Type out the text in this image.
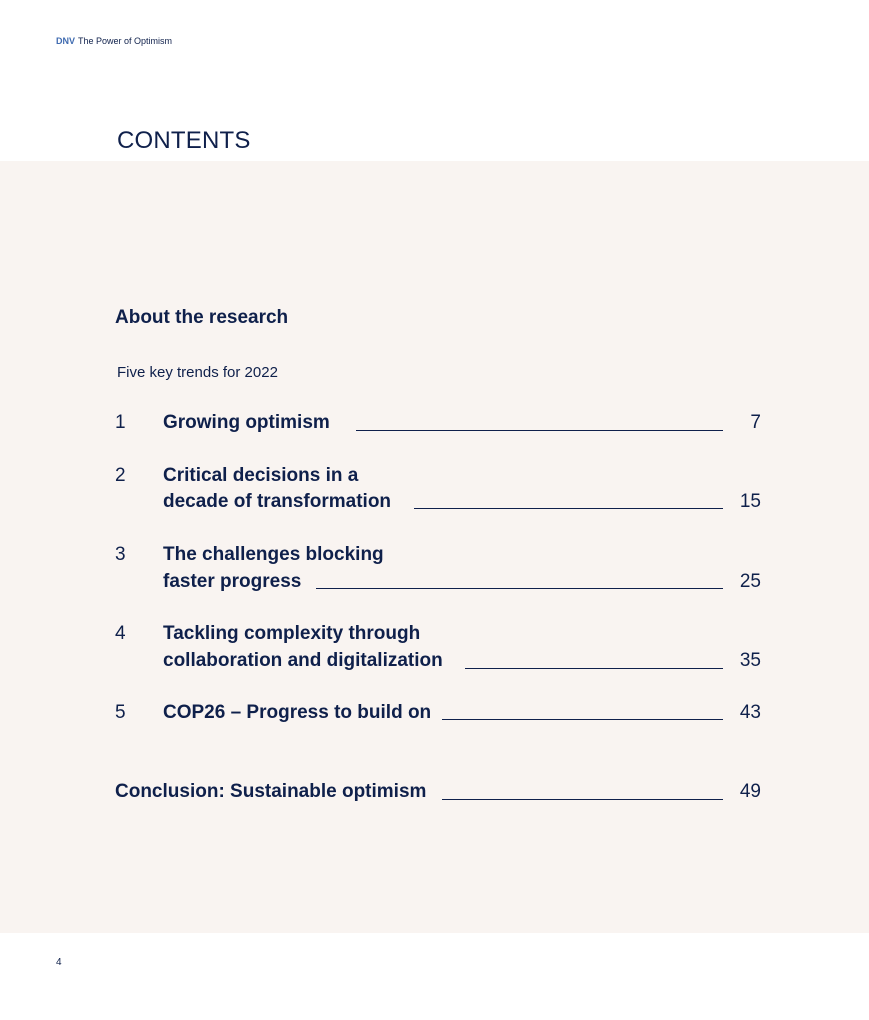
DNV The Power of Optimism
CONTENTS
About the research
Five key trends for 2022
1 Growing optimism	7
2 Critical decisions in a
decade of transformation	15
3 The challenges blocking
faster progress	25
4 Tackling complexity through
collaboration and digitalization	35
5 COP26 – Progress to build on	43
Conclusion: Sustainable optimism	49
4
